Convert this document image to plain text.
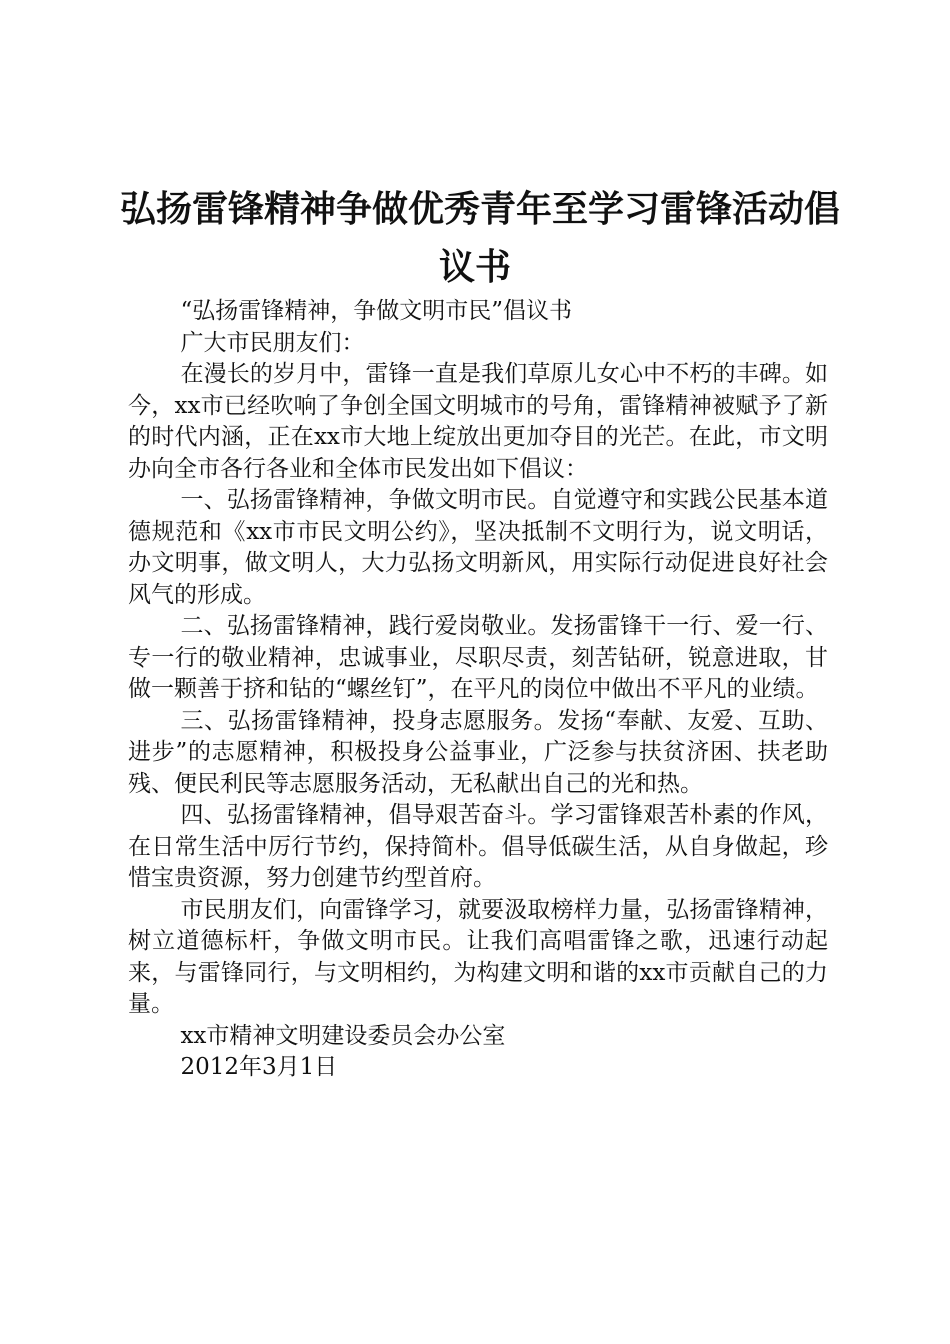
弘扬雷锋精神争做优秀青年至学习雷锋活动倡
议书

“弘扬雷锋精神，争做文明市民”倡议书

广大市民朋友们：

在漫长的岁月中，雷锋一直是我们草原儿女心中不朽的丰碑。如今，xx市已经吹响了争创全国文明城市的号角，雷锋精神被赋予了新的时代内涵，正在xx市大地上绽放出更加夺目的光芒。在此，市文明办向全市各行各业和全体市民发出如下倡议：

一、弘扬雷锋精神，争做文明市民。自觉遵守和实践公民基本道德规范和《xx市市民文明公约》，坚决抵制不文明行为，说文明话，办文明事，做文明人，大力弘扬文明新风，用实际行动促进良好社会风气的形成。

二、弘扬雷锋精神，践行爱岗敬业。发扬雷锋干一行、爱一行、专一行的敬业精神，忠诚事业，尽职尽责，刻苦钻研，锐意进取，甘做一颗善于挤和钻的“螺丝钉”，在平凡的岗位中做出不平凡的业绩。

三、弘扬雷锋精神，投身志愿服务。发扬“奉献、友爱、互助、进步”的志愿精神，积极投身公益事业，广泛参与扶贫济困、扶老助残、便民利民等志愿服务活动，无私献出自己的光和热。

四、弘扬雷锋精神，倡导艰苦奋斗。学习雷锋艰苦朴素的作风，在日常生活中厉行节约，保持简朴。倡导低碳生活，从自身做起，珍惜宝贵资源，努力创建节约型首府。

市民朋友们，向雷锋学习，就要汲取榜样力量，弘扬雷锋精神，树立道德标杆，争做文明市民。让我们高唱雷锋之歌，迅速行动起来，与雷锋同行，与文明相约，为构建文明和谐的xx市贡献自己的力量。

xx市精神文明建设委员会办公室

2012年3月1日
